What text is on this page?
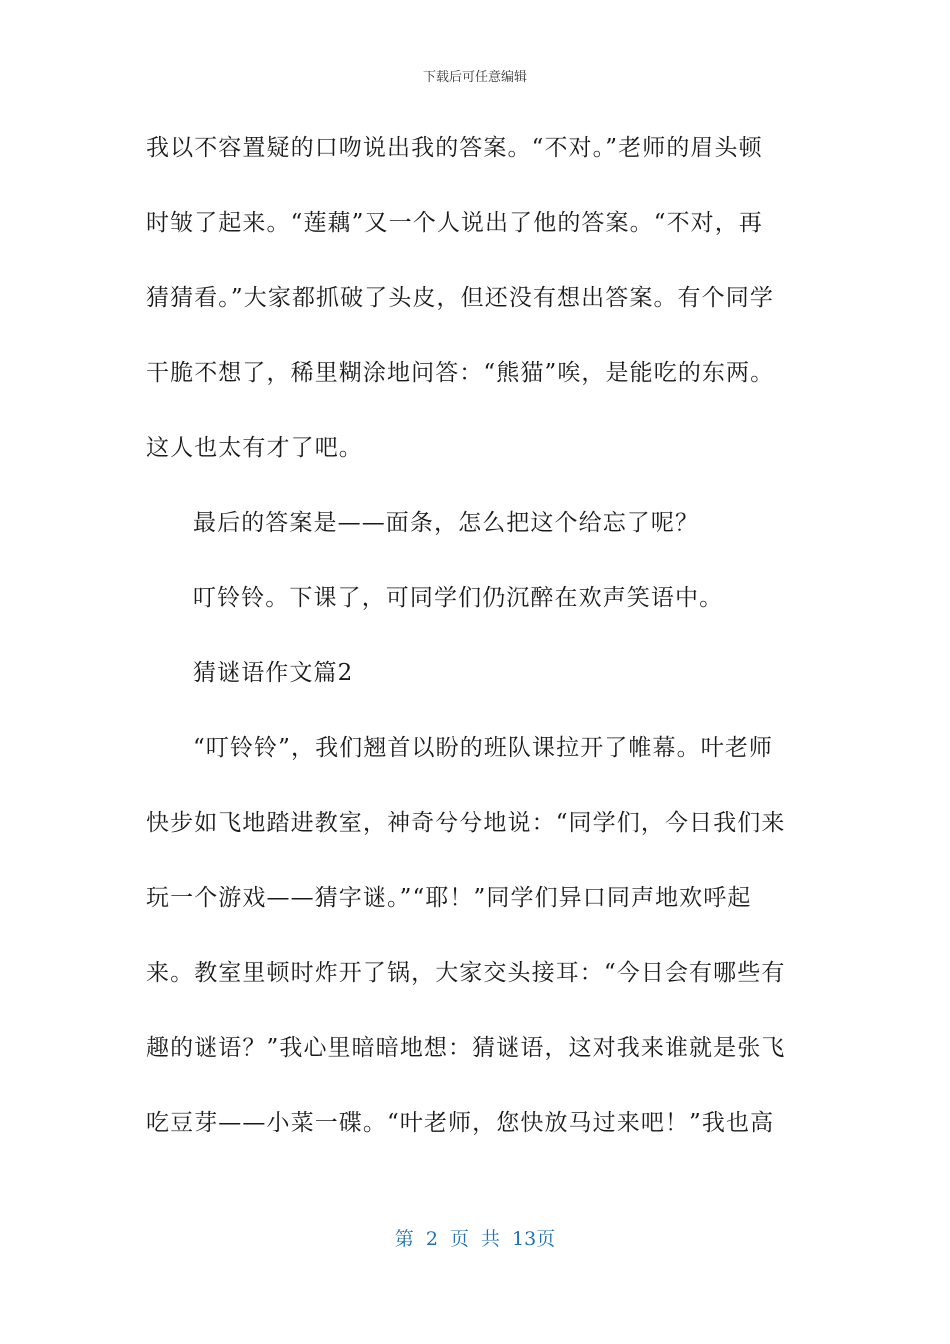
下载后可任意编辑
我以不容置疑的口吻说出我的答案。“不对。”老师的眉头顿
时皱了起来。“莲藕”又一个人说出了他的答案。“不对，再
猜猜看。”大家都抓破了头皮，但还没有想出答案。有个同学
干脆不想了，稀里糊涂地问答：“熊猫”唉，是能吃的东两。
这人也太有才了吧。
最后的答案是——面条，怎么把这个给忘了呢？
叮铃铃。下课了，可同学们仍沉醉在欢声笑语中。
猜谜语作文篇2
“叮铃铃”，我们翘首以盼的班队课拉开了帷幕。叶老师
快步如飞地踏进教室，神奇兮兮地说：“同学们，今日我们来
玩一个游戏——猜字谜。”“耶！”同学们异口同声地欢呼起
来。教室里顿时炸开了锅，大家交头接耳：“今日会有哪些有
趣的谜语？”我心里暗暗地想：猜谜语，这对我来谁就是张飞
吃豆芽——小菜一碟。“叶老师，您快放马过来吧！”我也高
第 2 页 共 13页
